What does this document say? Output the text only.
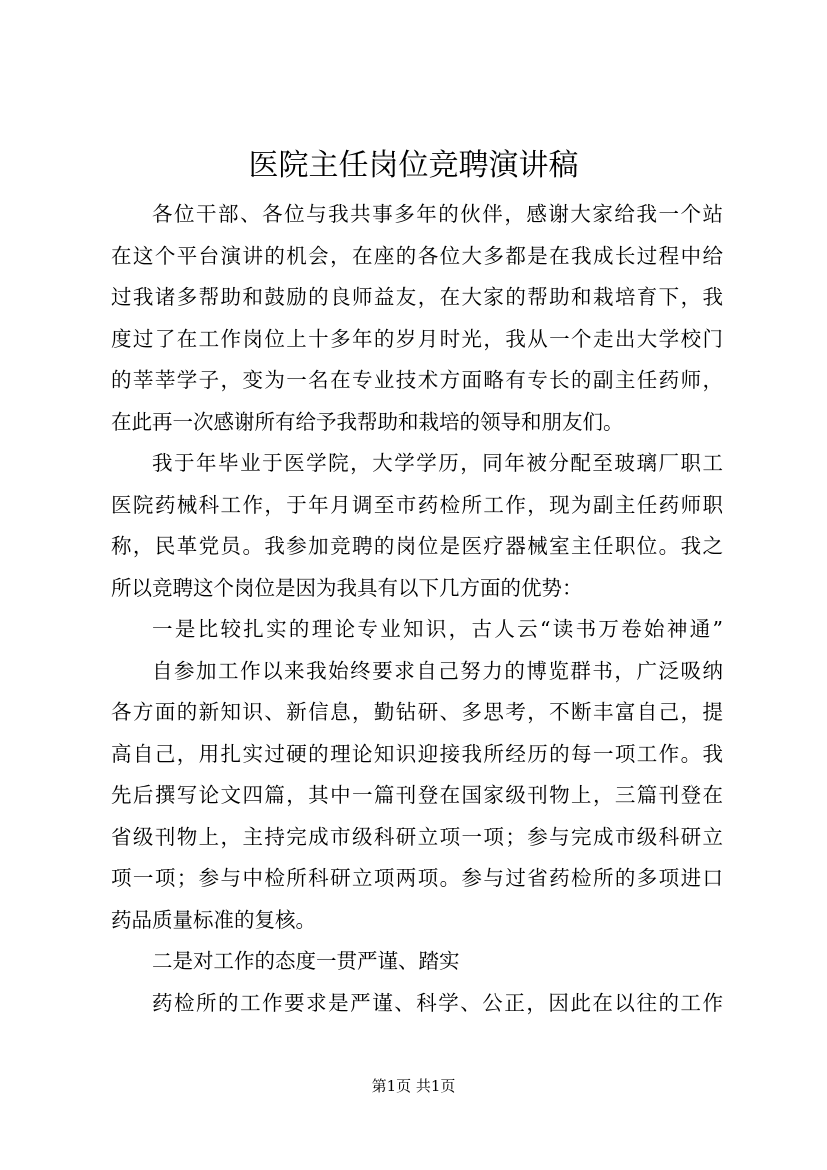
医院主任岗位竞聘演讲稿
各位干部、各位与我共事多年的伙伴，感谢大家给我一个站
在这个平台演讲的机会，在座的各位大多都是在我成长过程中给
过我诸多帮助和鼓励的良师益友，在大家的帮助和栽培育下，我
度过了在工作岗位上十多年的岁月时光，我从一个走出大学校门
的莘莘学子，变为一名在专业技术方面略有专长的副主任药师，
在此再一次感谢所有给予我帮助和栽培的领导和朋友们。
我于年毕业于医学院，大学学历，同年被分配至玻璃厂职工
医院药械科工作，于年月调至市药检所工作，现为副主任药师职
称，民革党员。我参加竞聘的岗位是医疗器械室主任职位。我之
所以竞聘这个岗位是因为我具有以下几方面的优势：
一是比较扎实的理论专业知识，古人云“读书万卷始神通”
自参加工作以来我始终要求自己努力的博览群书，广泛吸纳
各方面的新知识、新信息，勤钻研、多思考，不断丰富自己，提
高自己，用扎实过硬的理论知识迎接我所经历的每一项工作。我
先后撰写论文四篇，其中一篇刊登在国家级刊物上，三篇刊登在
省级刊物上，主持完成市级科研立项一项；参与完成市级科研立
项一项；参与中检所科研立项两项。参与过省药检所的多项进口
药品质量标准的复核。
二是对工作的态度一贯严谨、踏实
药检所的工作要求是严谨、科学、公正，因此在以往的工作
第1页 共1页
